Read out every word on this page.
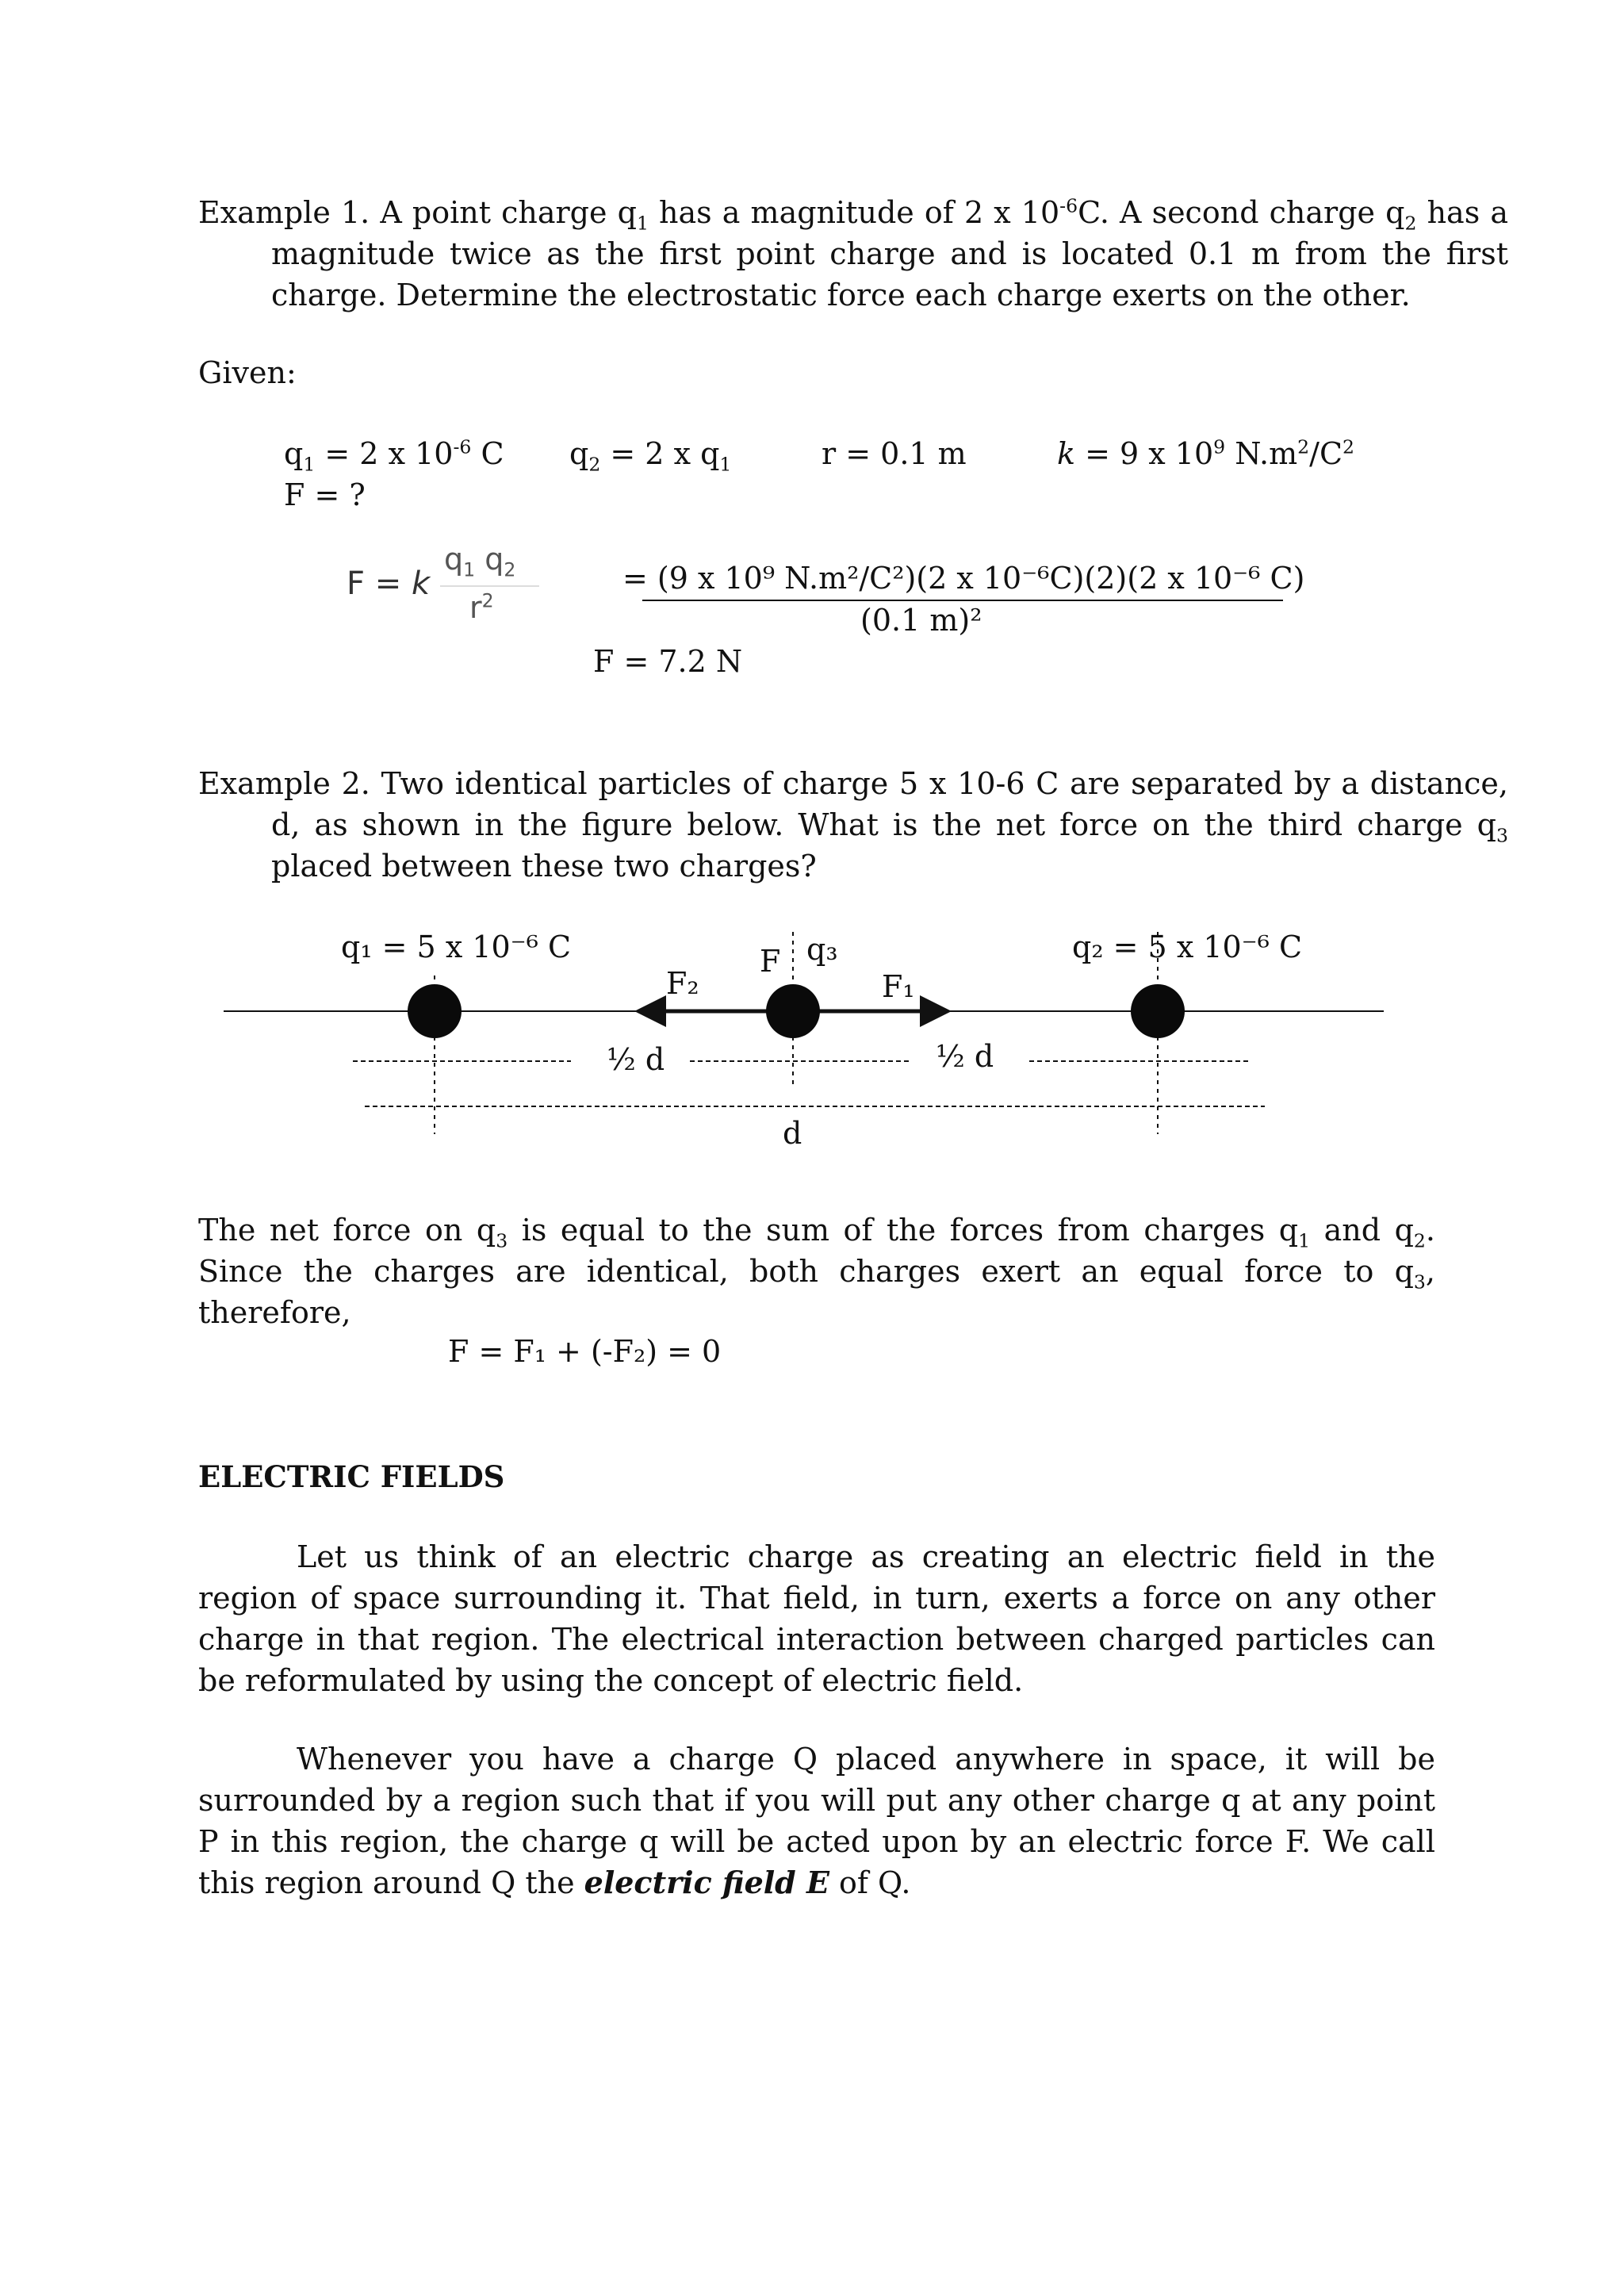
Example 1. A point charge $q_1$ has a magnitude of 2 x $10^{-6}C$. A second charge $q_2$ has a magnitude twice as the first point charge and is located 0.1 m from the first charge. Determine the electrostatic force each charge exerts on the other.
Given:
$q_1 = 2$ x $10^{-6}$ C $q_2 = 2$ x $q_1$	r = 0.1 m	k = 9 x $10^9$ $N.m^2/C^2$
F = ?
F = k
$q_1$ $q_2$
$r^2$
= (9 x 10⁹ N.m²/C²)(2 x 10⁻⁶C)(2)(2 x 10⁻⁶ C)
(0.1 m)²
F = 7.2 N
Example 2. Two identical particles of charge 5 x 10-6 C are separated by a distance, d, as shown in the figure below. What is the net force on the third charge $q_3$ placed between these two charges?
q₁ = 5 x 10⁻⁶ C	q₂ = 5 x 10⁻⁶ C
F q₃
F₂	F₁
½ d	½ d
d
The net force on $q_3$ is equal to the sum of the forces from charges $q_1$ and $q_2$. Since the charges are identical, both charges exert an equal force to $q_3$, therefore,
F = F₁ + (-F₂) = 0
ELECTRIC FIELDS
Let us think of an electric charge as creating an electric field in the region of space surrounding it. That field, in turn, exerts a force on any other charge in that region. The electrical interaction between charged particles can be reformulated by using the concept of electric field.
Whenever you have a charge Q placed anywhere in space, it will be surrounded by a region such that if you will put any other charge q at any point P in this region, the charge q will be acted upon by an electric force F. We call this region around Q the electric field E of Q.
